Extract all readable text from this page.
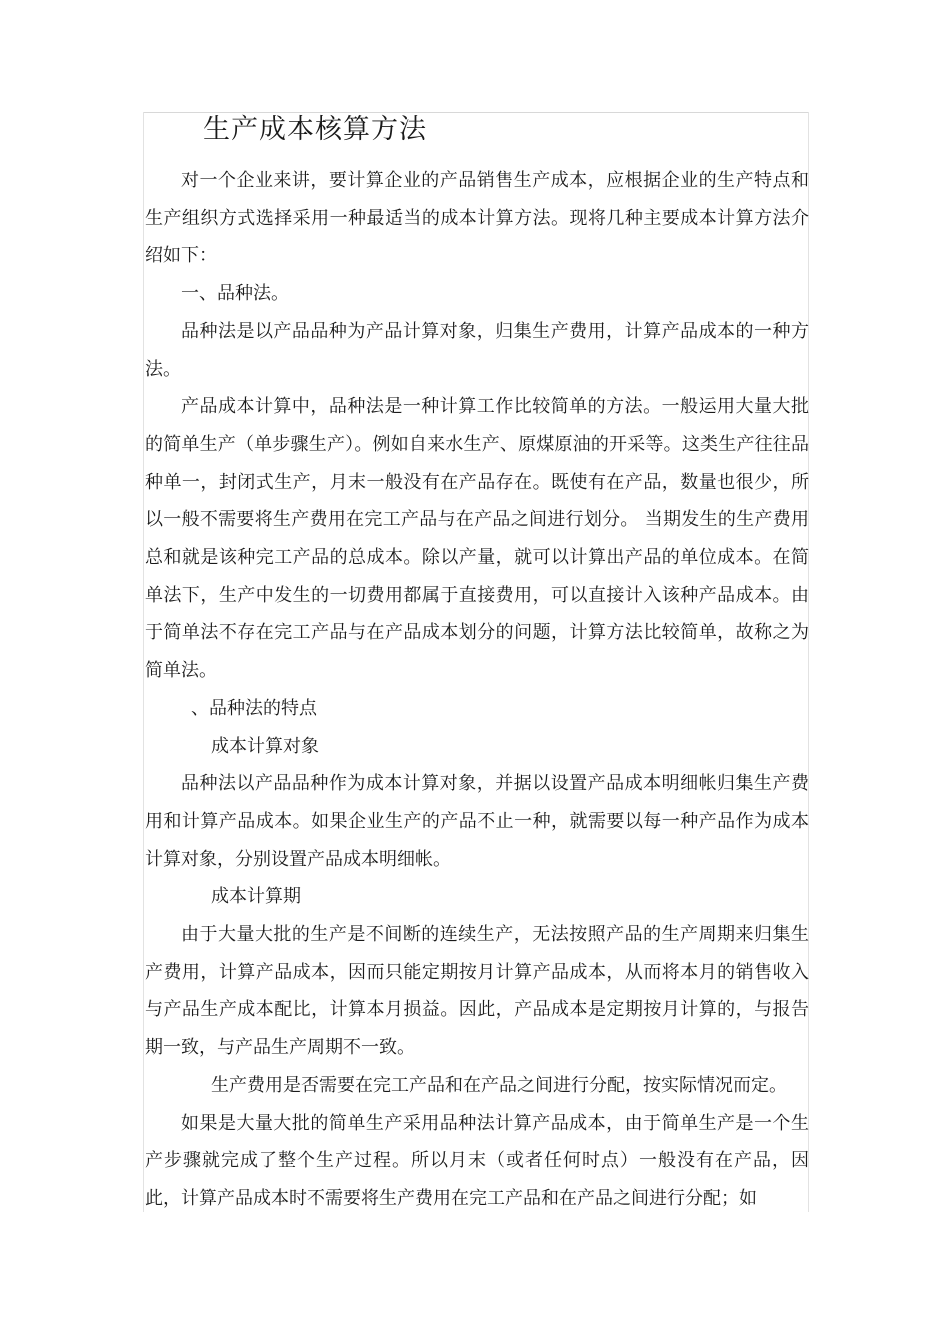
生产成本核算方法

对一个企业来讲，要计算企业的产品销售生产成本，应根据企业的生产特点和生产组织方式选择采用一种最适当的成本计算方法。现将几种主要成本计算方法介绍如下：

一、品种法。

品种法是以产品品种为产品计算对象，归集生产费用，计算产品成本的一种方法。

产品成本计算中，品种法是一种计算工作比较简单的方法。一般运用大量大批的简单生产（单步骤生产）。例如自来水生产、原煤原油的开采等。这类生产往往品种单一，封闭式生产，月末一般没有在产品存在。既使有在产品，数量也很少，所以一般不需要将生产费用在完工产品与在产品之间进行划分。 当期发生的生产费用总和就是该种完工产品的总成本。除以产量，就可以计算出产品的单位成本。在简单法下，生产中发生的一切费用都属于直接费用，可以直接计入该种产品成本。由于简单法不存在完工产品与在产品成本划分的问题，计算方法比较简单，故称之为简单法。

、品种法的特点

成本计算对象

品种法以产品品种作为成本计算对象，并据以设置产品成本明细帐归集生产费用和计算产品成本。如果企业生产的产品不止一种，就需要以每一种产品作为成本计算对象，分别设置产品成本明细帐。

成本计算期

由于大量大批的生产是不间断的连续生产，无法按照产品的生产周期来归集生产费用，计算产品成本，因而只能定期按月计算产品成本，从而将本月的销售收入与产品生产成本配比，计算本月损益。因此，产品成本是定期按月计算的，与报告期一致，与产品生产周期不一致。

生产费用是否需要在完工产品和在产品之间进行分配，按实际情况而定。

如果是大量大批的简单生产采用品种法计算产品成本，由于简单生产是一个生产步骤就完成了整个生产过程。所以月末（或者任何时点）一般没有在产品，因此，计算产品成本时不需要将生产费用在完工产品和在产品之间进行分配；如
